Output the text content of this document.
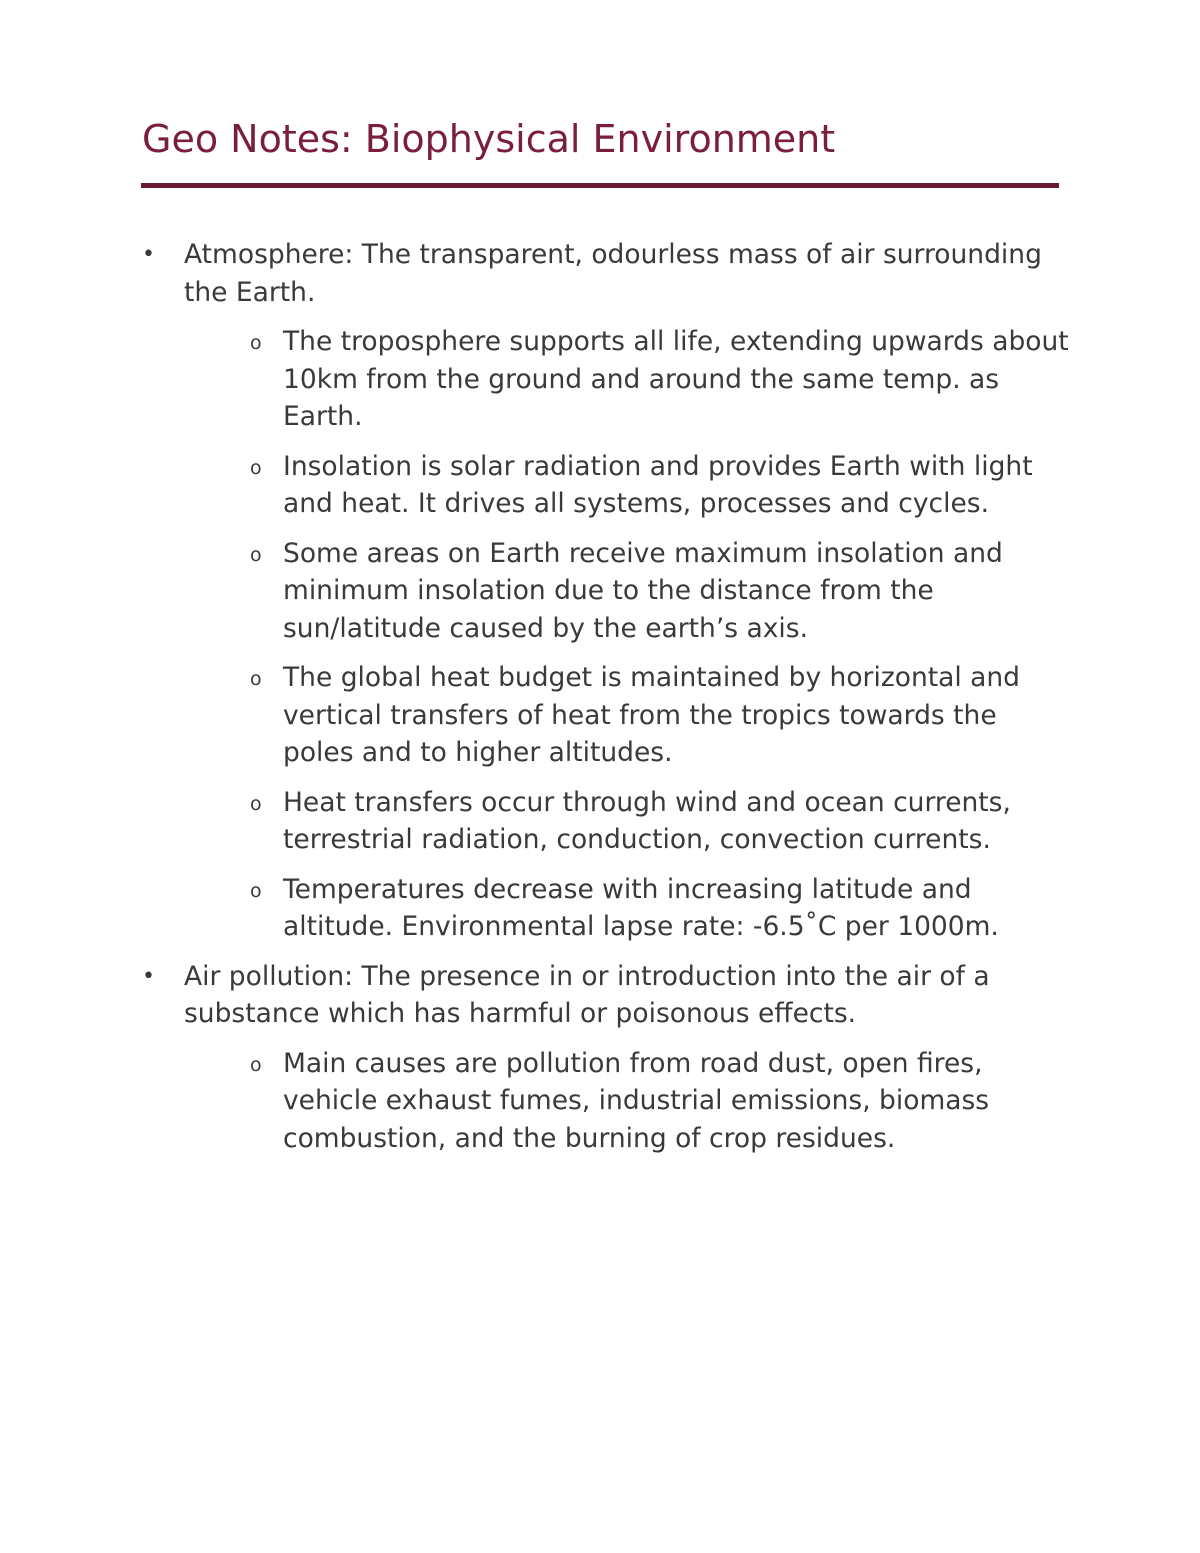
Geo Notes: Biophysical Environment
• Atmosphere: The transparent, odourless mass of air surrounding the Earth.
o The troposphere supports all life, extending upwards about 10km from the ground and around the same temp. as Earth.
o Insolation is solar radiation and provides Earth with light and heat. It drives all systems, processes and cycles.
o Some areas on Earth receive maximum insolation and minimum insolation due to the distance from the sun/latitude caused by the earth’s axis.
o The global heat budget is maintained by horizontal and vertical transfers of heat from the tropics towards the poles and to higher altitudes.
o Heat transfers occur through wind and ocean currents, terrestrial radiation, conduction, convection currents.
o Temperatures decrease with increasing latitude and altitude. Environmental lapse rate: -6.5˚C per 1000m.
• Air pollution: The presence in or introduction into the air of a substance which has harmful or poisonous effects.
o Main causes are pollution from road dust, open fires, vehicle exhaust fumes, industrial emissions, biomass combustion, and the burning of crop residues.
